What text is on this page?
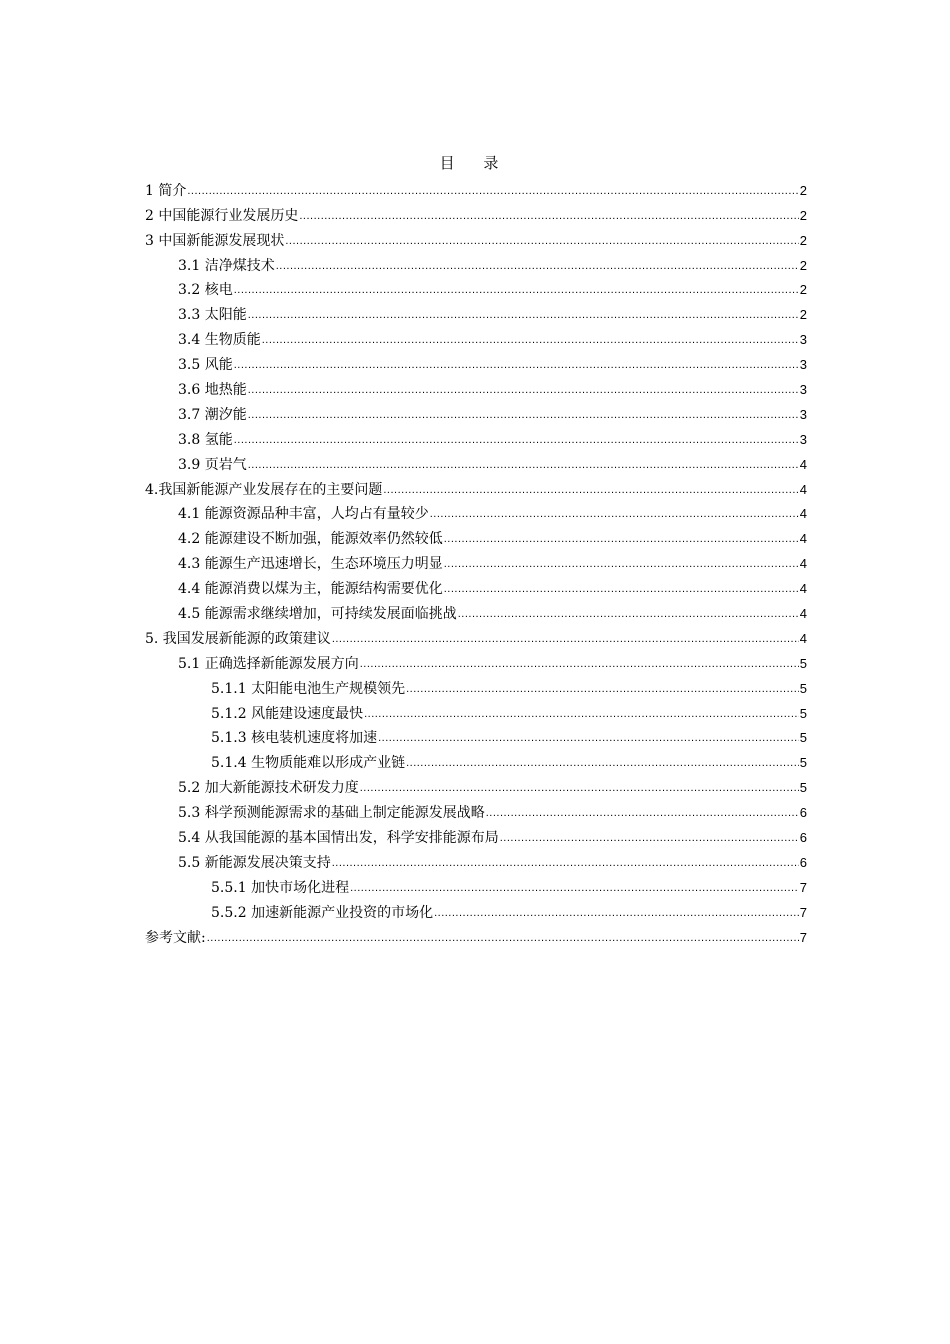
目 录
1 简介 .....	2
2 中国能源行业发展历史 .....	2
3 中国新能源发展现状 .....	2
3.1 洁净煤技术 .....	2
3.2 核电 .....	2
3.3 太阳能 .....	2
3.4 生物质能 .....	3
3.5 风能 .....	3
3.6 地热能 .....	3
3.7 潮汐能 .....	3
3.8 氢能 .....	3
3.9 页岩气 .....	4
4.我国新能源产业发展存在的主要问题 .....	4
4.1 能源资源品种丰富，人均占有量较少 .....	4
4.2 能源建设不断加强，能源效率仍然较低 .....	4
4.3 能源生产迅速增长，生态环境压力明显 .....	4
4.4 能源消费以煤为主，能源结构需要优化 .....	4
4.5 能源需求继续增加，可持续发展面临挑战 .....	4
5. 我国发展新能源的政策建议 .....	4
5.1 正确选择新能源发展方向 .....	5
5.1.1 太阳能电池生产规模领先 .....	5
5.1.2 风能建设速度最快 .....	5
5.1.3 核电装机速度将加速 .....	5
5.1.4 生物质能难以形成产业链 .....	5
5.2 加大新能源技术研发力度 .....	5
5.3 科学预测能源需求的基础上制定能源发展战略 .....	6
5.4 从我国能源的基本国情出发，科学安排能源布局 .....	6
5.5 新能源发展决策支持 .....	6
5.5.1 加快市场化进程 .....	7
5.5.2 加速新能源产业投资的市场化 .....	7
参考文献: .....	7
